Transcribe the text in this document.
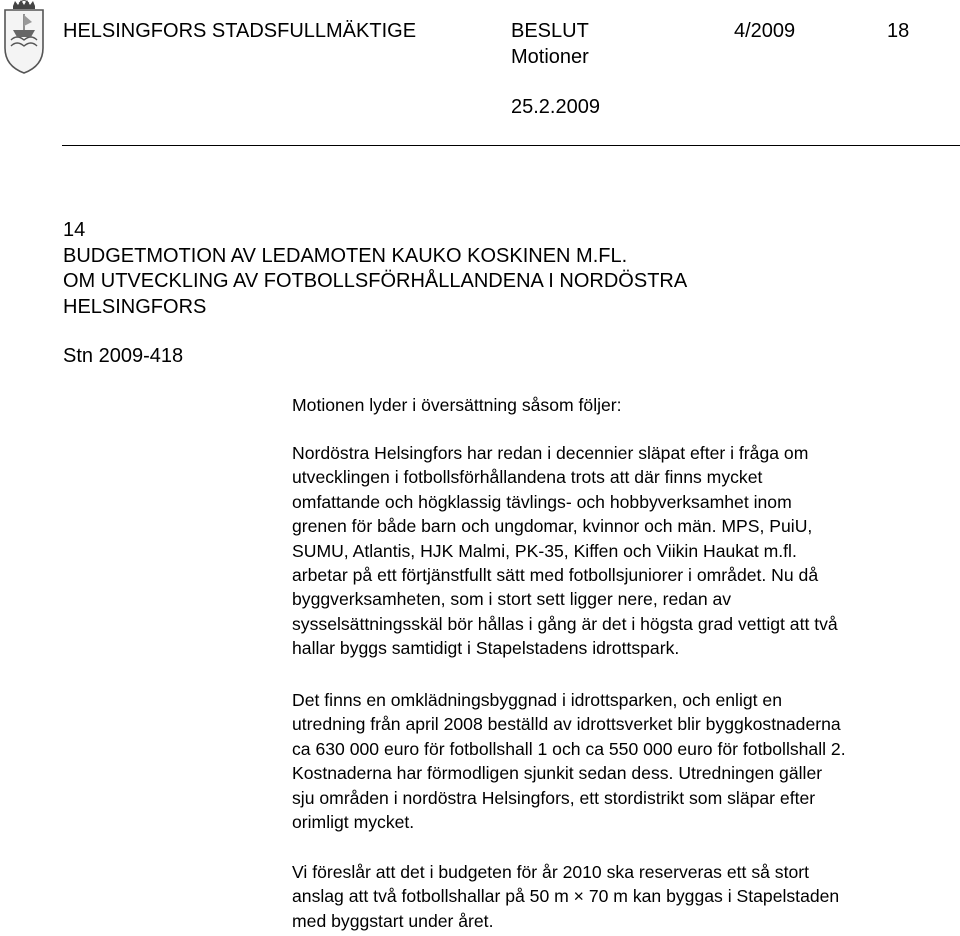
HELSINGFORS STADSFULLMÄKTIGE	BESLUT	4/2009	18
Motioner
25.2.2009
14
BUDGETMOTION AV LEDAMOTEN KAUKO KOSKINEN M.FL.
OM UTVECKLING AV FOTBOLLSFÖRHÅLLANDENA I NORDÖSTRA
HELSINGFORS
Stn 2009-418
Motionen lyder i översättning såsom följer:
Nordöstra Helsingfors har redan i decennier släpat efter i fråga om
utvecklingen i fotbollsförhållandena trots att där finns mycket
omfattande och högklassig tävlings- och hobbyverksamhet inom
grenen för både barn och ungdomar, kvinnor och män. MPS, PuiU,
SUMU, Atlantis, HJK Malmi, PK-35, Kiffen och Viikin Haukat m.fl.
arbetar på ett förtjänstfullt sätt med fotbollsjuniorer i området. Nu då
byggverksamheten, som i stort sett ligger nere, redan av
sysselsättningsskäl bör hållas i gång är det i högsta grad vettigt att två
hallar byggs samtidigt i Stapelstadens idrottspark.
Det finns en omklädningsbyggnad i idrottsparken, och enligt en
utredning från april 2008 beställd av idrottsverket blir byggkostnaderna
ca 630 000 euro för fotbollshall 1 och ca 550 000 euro för fotbollshall 2.
Kostnaderna har förmodligen sjunkit sedan dess. Utredningen gäller
sju områden i nordöstra Helsingfors, ett stordistrikt som släpar efter
orimligt mycket.
Vi föreslår att det i budgeten för år 2010 ska reserveras ett så stort
anslag att två fotbollshallar på 50 m × 70 m kan byggas i Stapelstaden
med byggstart under året.
